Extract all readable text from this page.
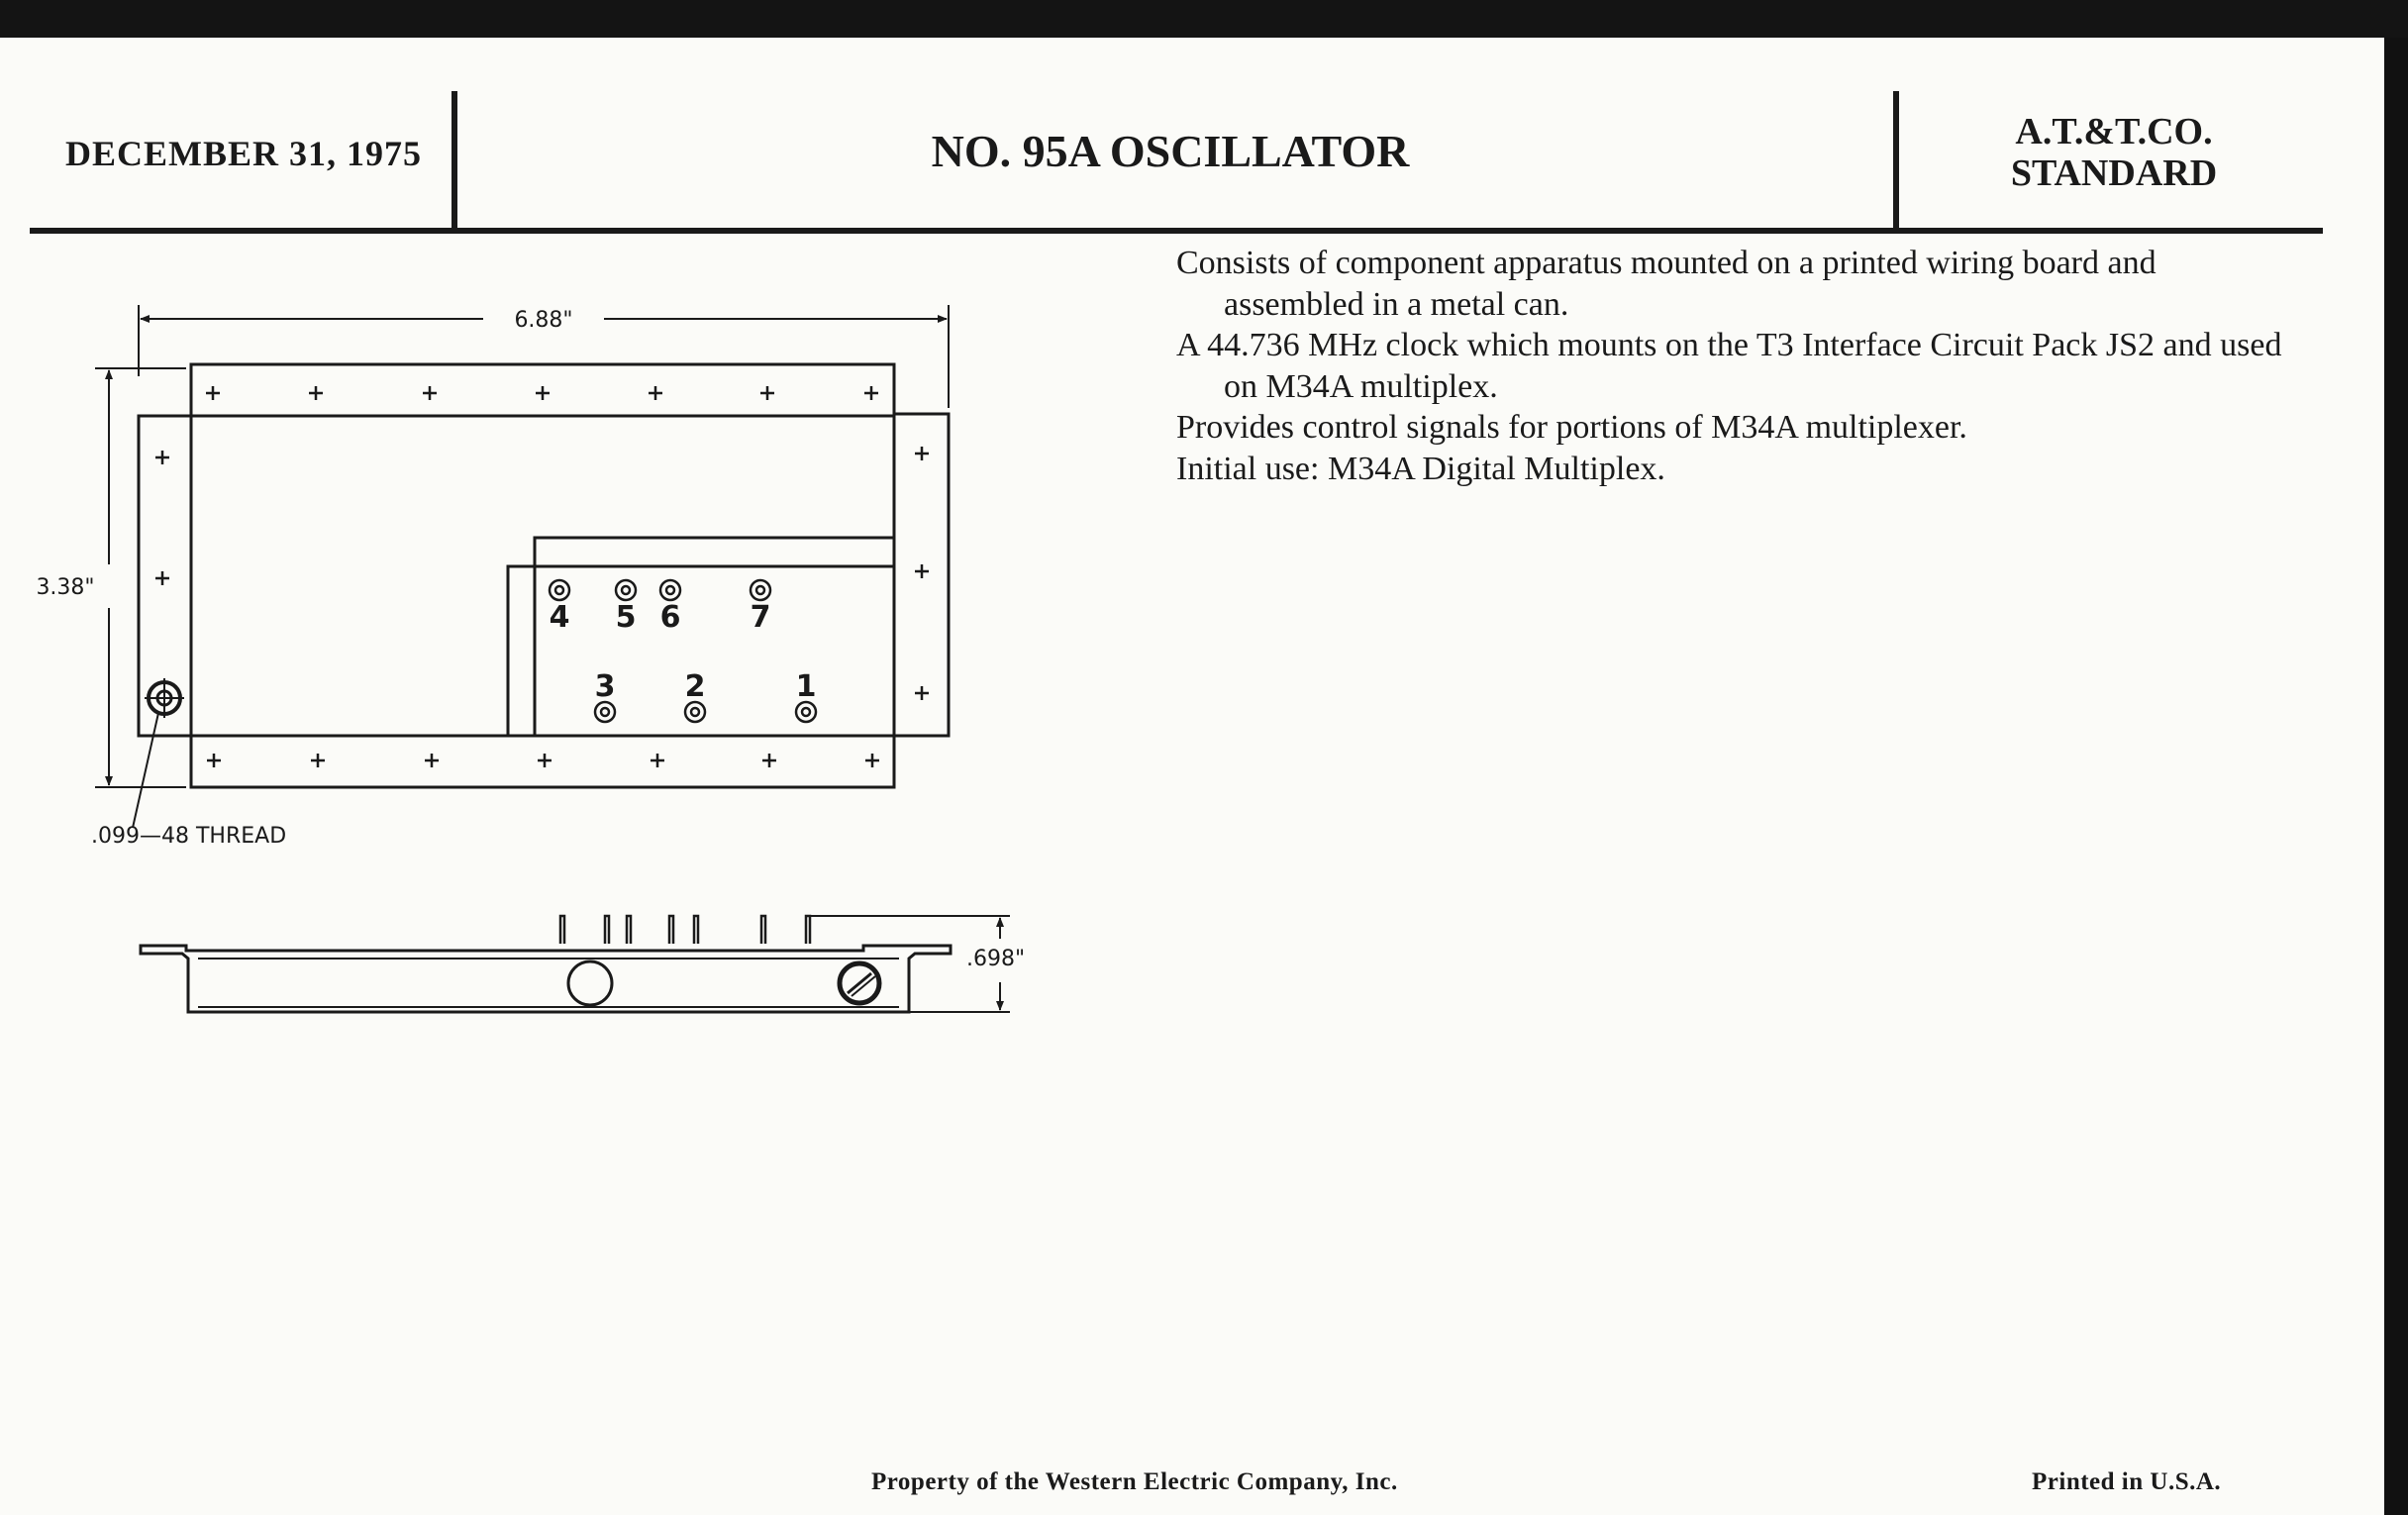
DECEMBER 31, 1975	NO. 95A OSCILLATOR	A.T.&T.CO.
STANDARD

Consists of component apparatus mounted on a printed wiring board and assembled in a metal can.

A 44.736 MHz clock which mounts on the T3 Interface Circuit Pack JS2 and used on M34A multiplex.

Provides control signals for portions of M34A multiplexer.

Initial use: M34A Digital Multiplex.

4 5 6 7
3 2	1
6.88"
3.38"
.099—48 THREAD
.698"
Property of the Western Electric Company, Inc.	Printed in U.S.A.
